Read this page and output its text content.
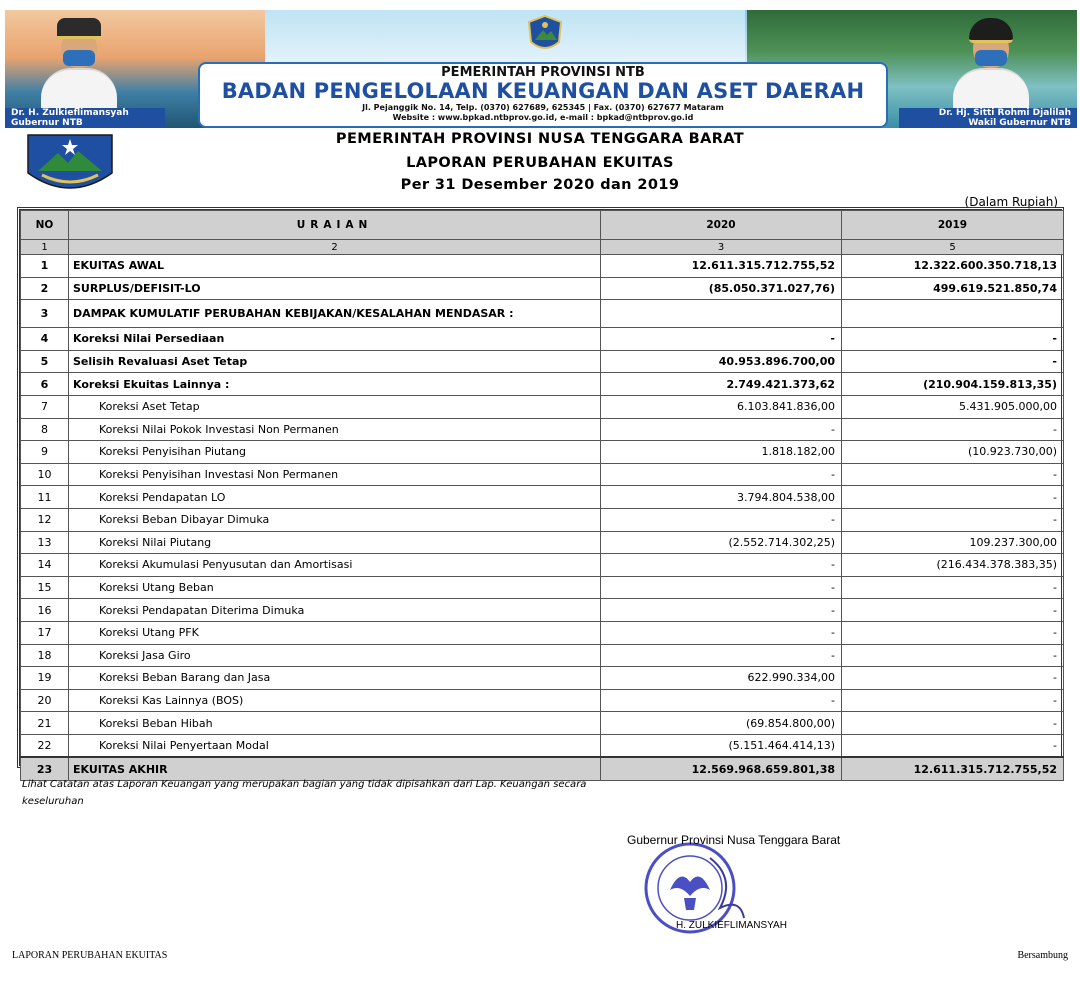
PEMERINTAH PROVINSI NTB
BADAN PENGELOLAAN KEUANGAN DAN ASET DAERAH
Jl. Pejanggik No. 14, Telp. (0370) 627689, 625345 | Fax. (0370) 627677 Mataram
Website : www.bpkad.ntbprov.go.id, e-mail : bpkad@ntbprov.go.id
Dr. H. Zulkieflimansyah
Gubernur NTB
Dr. Hj. Sitti Rohmi Djalilah
Wakil Gubernur NTB
PEMERINTAH PROVINSI NUSA TENGGARA BARAT
LAPORAN PERUBAHAN EKUITAS
Per 31 Desember 2020 dan 2019
(Dalam Rupiah)
NO	URAIAN	2020	2019
1	2	3	5
1	EKUITAS AWAL	12.611.315.712.755,52	12.322.600.350.718,13
2	SURPLUS/DEFISIT-LO	(85.050.371.027,76)	499.619.521.850,74
3	DAMPAK KUMULATIF PERUBAHAN KEBIJAKAN/KESALAHAN MENDASAR :		
4	Koreksi Nilai Persediaan	-	-
5	Selisih Revaluasi Aset Tetap	40.953.896.700,00	-
6	Koreksi Ekuitas Lainnya :	2.749.421.373,62	(210.904.159.813,35)
7	Koreksi Aset Tetap	6.103.841.836,00	5.431.905.000,00
8	Koreksi Nilai Pokok Investasi Non Permanen	-	-
9	Koreksi Penyisihan Piutang	1.818.182,00	(10.923.730,00)
10	Koreksi Penyisihan Investasi Non Permanen	-	-
11	Koreksi Pendapatan LO	3.794.804.538,00	-
12	Koreksi Beban Dibayar Dimuka	-	-
13	Koreksi Nilai Piutang	(2.552.714.302,25)	109.237.300,00
14	Koreksi Akumulasi Penyusutan dan Amortisasi	-	(216.434.378.383,35)
15	Koreksi Utang Beban	-	-
16	Koreksi Pendapatan Diterima Dimuka	-	-
17	Koreksi Utang PFK	-	-
18	Koreksi Jasa Giro	-	-
19	Koreksi Beban Barang dan Jasa	622.990.334,00	-
20	Koreksi Kas Lainnya (BOS)	-	-
21	Koreksi Beban Hibah	(69.854.800,00)	-
22	Koreksi Nilai Penyertaan Modal	(5.151.464.414,13)	-
23	EKUITAS AKHIR	12.569.968.659.801,38	12.611.315.712.755,52
Lihat Catatan atas Laporan Keuangan yang merupakan bagian yang tidak dipisahkan dari Lap. Keuangan secara keseluruhan
Gubernur Provinsi Nusa Tenggara Barat
H. ZULKIEFLIMANSYAH
LAPORAN PERUBAHAN EKUITAS	Bersambung
